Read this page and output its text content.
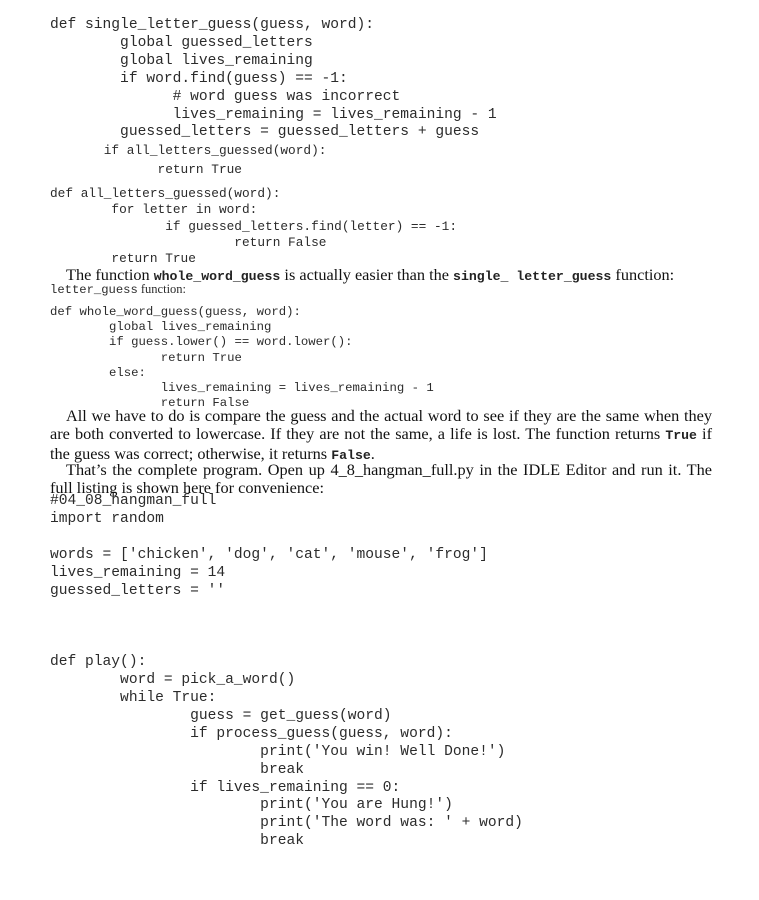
def single_letter_guess(guess, word):
global guessed_letters
global lives_remaining
if word.find(guess) == -1:
# word guess was incorrect
lives_remaining = lives_remaining - 1
guessed_letters = guessed_letters + guess
if all_letters_guessed(word):
return True
def all_letters_guessed(word):
for letter in word:
if guessed_letters.find(letter) == -1:
return False
return True

The function whole_word_guess is actually easier than the single_ letter_guess function:

letter_guess function:

def whole_word_guess(guess, word):
global lives_remaining
if guess.lower() == word.lower():
return True
else:
lives_remaining = lives_remaining - 1
return False

All we have to do is compare the guess and the actual word to see if they are the same when they are both converted to lowercase. If they are not the same, a life is lost. The function returns True if the guess was correct; otherwise, it returns False.

That’s the complete program. Open up 4_8_hangman_full.py in the IDLE Editor and run it. The full listing is shown here for convenience:

#04_08_hangman_full
import random

words = ['chicken', 'dog', 'cat', 'mouse', 'frog']
lives_remaining = 14
guessed_letters = ''

def play():
word = pick_a_word()
while True:
guess = get_guess(word)
if process_guess(guess, word):
print('You win! Well Done!')
break
if lives_remaining == 0:
print('You are Hung!')
print('The word was: ' + word)
break
